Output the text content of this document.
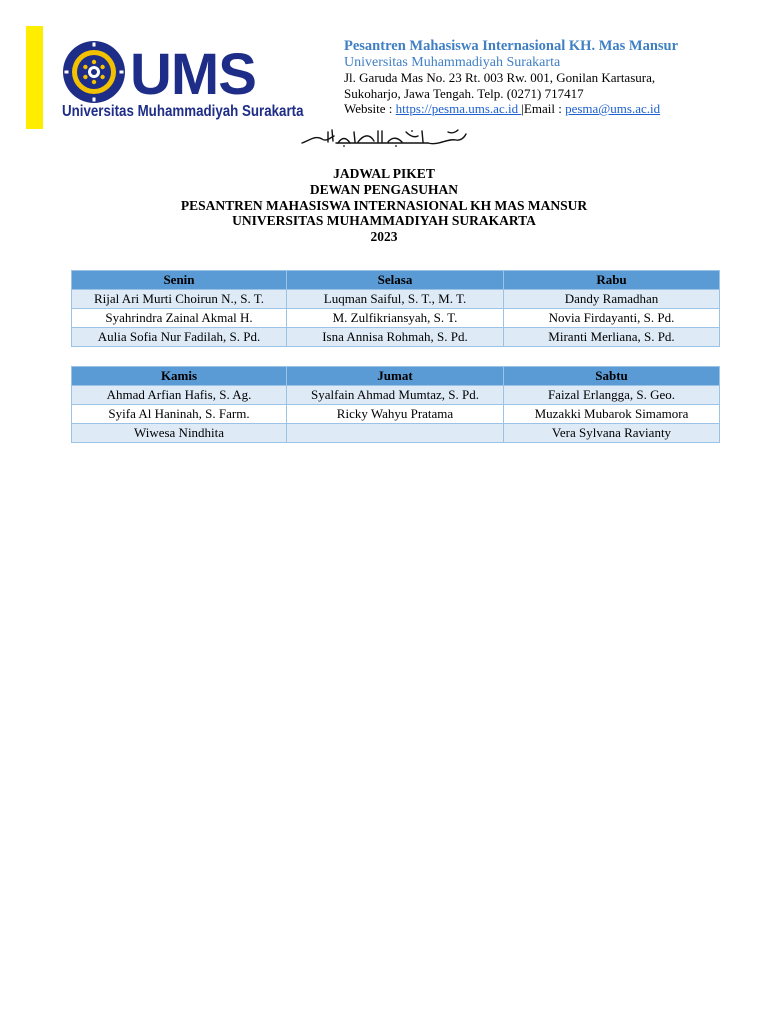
UMS
Universitas Muhammadiyah Surakarta
Pesantren Mahasiswa Internasional KH. Mas Mansur
Universitas Muhammadiyah Surakarta
Jl. Garuda Mas No. 23 Rt. 003 Rw. 001, Gonilan Kartasura,
Sukoharjo, Jawa Tengah. Telp. (0271) 717417
Website : https://pesma.ums.ac.id |Email : pesma@ums.ac.id
JADWAL PIKET
DEWAN PENGASUHAN
PESANTREN MAHASISWA INTERNASIONAL KH MAS MANSUR
UNIVERSITAS MUHAMMADIYAH SURAKARTA
2023
Senin	Selasa	Rabu
Rijal Ari Murti Choirun N., S. T.	Luqman Saiful, S. T., M. T.	Dandy Ramadhan
Syahrindra Zainal Akmal H.	M. Zulfikriansyah, S. T.	Novia Firdayanti, S. Pd.
Aulia Sofia Nur Fadilah, S. Pd.	Isna Annisa Rohmah, S. Pd.	Miranti Merliana, S. Pd.
Kamis	Jumat	Sabtu
Ahmad Arfian Hafis, S. Ag.	Syalfain Ahmad Mumtaz, S. Pd.	Faizal Erlangga, S. Geo.
Syifa Al Haninah, S. Farm.	Ricky Wahyu Pratama	Muzakki Mubarok Simamora
Wiwesa Nindhita		Vera Sylvana Ravianty
